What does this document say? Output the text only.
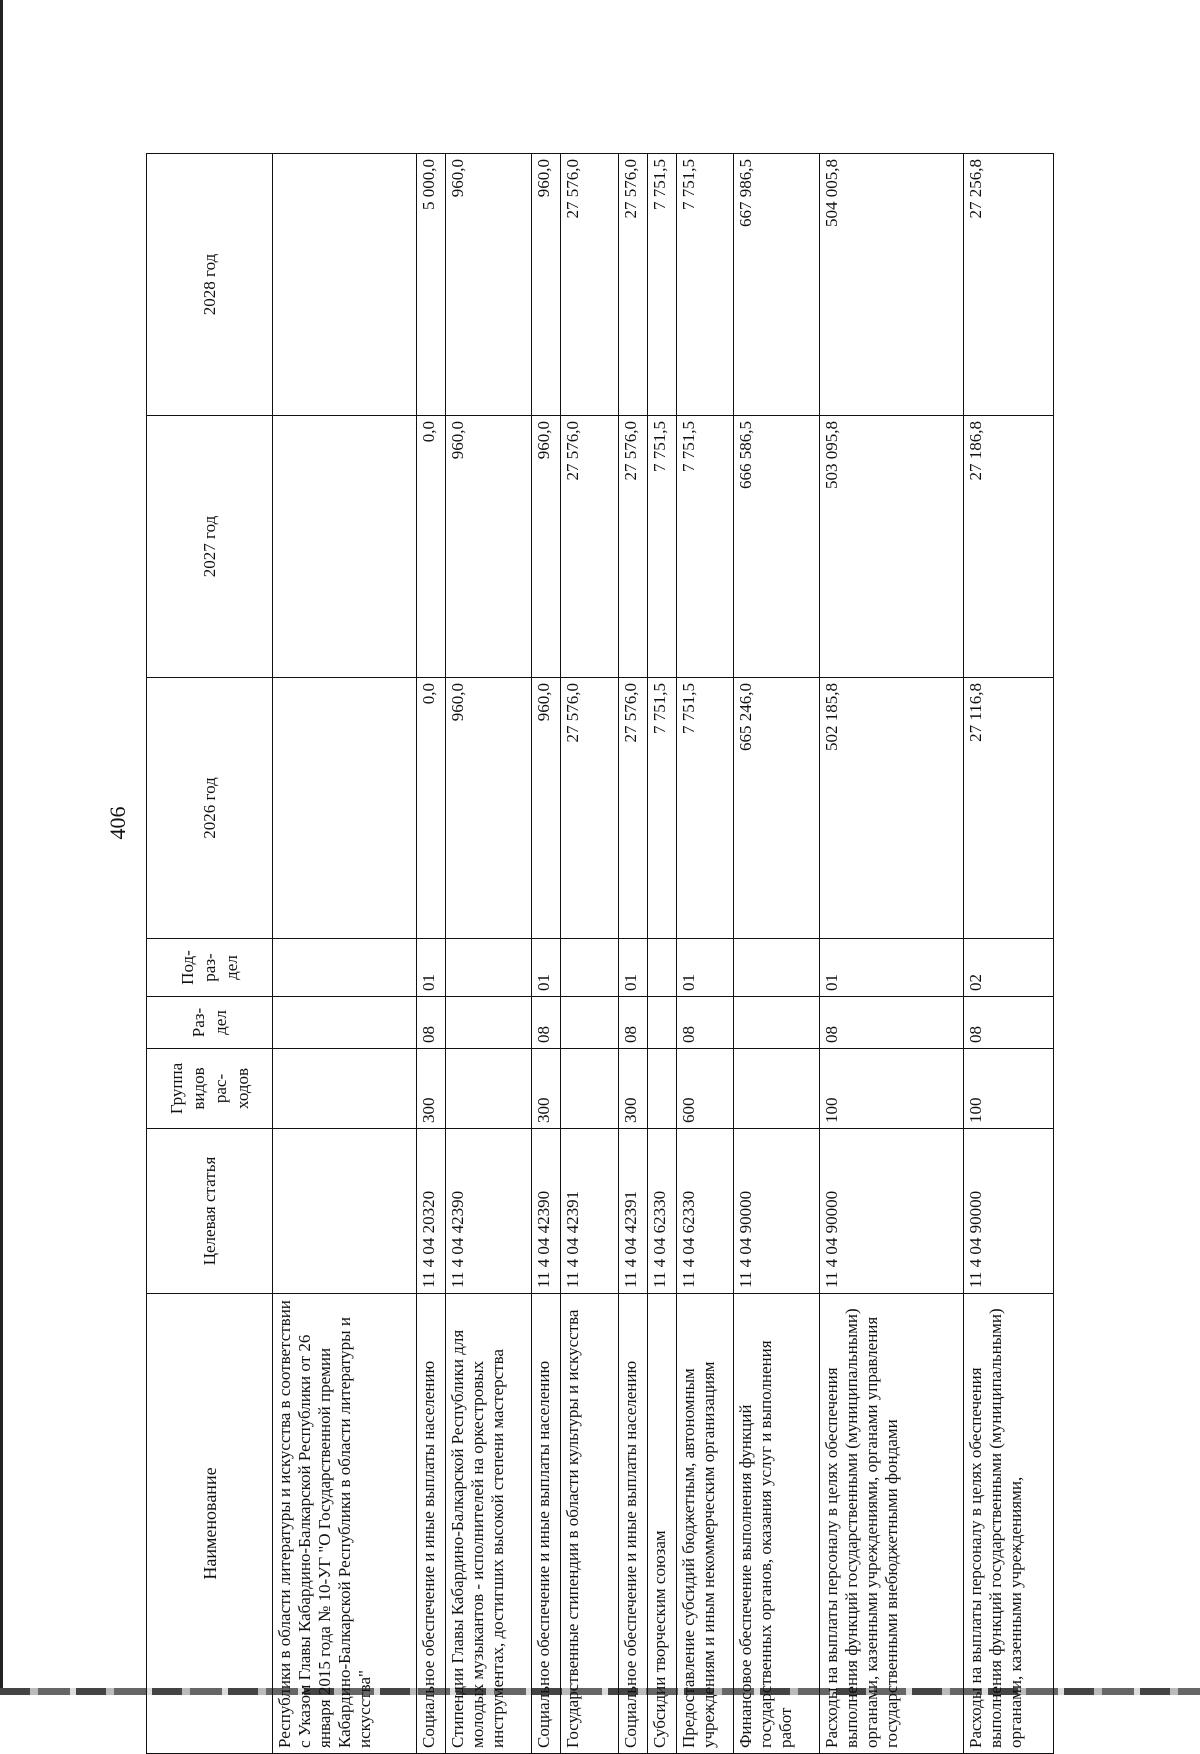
406
Наименование	Целевая статья	Группа видов рас-ходов	Раз-дел	Под-раз-дел	2026 год	2027 год	2028 год
Республики в области литературы и искусства в соответствии с Указом Главы Кабардино-Балкарской Республики от 26 января 2015 года № 10-УГ "О Государственной премии Кабардино-Балкарской Республики в области литературы и искусства"							
Социальное обеспечение и иные выплаты населению	11 4 04 20320	300	08	01	0,0	0,0	5 000,0
Стипендии Главы Кабардино-Балкарской Республики для молодых музыкантов - исполнителей на оркестровых инструментах, достигших высокой степени мастерства	11 4 04 42390				960,0	960,0	960,0
Социальное обеспечение и иные выплаты населению	11 4 04 42390	300	08	01	960,0	960,0	960,0
Государственные стипендии в области культуры и искусства	11 4 04 42391				27 576,0	27 576,0	27 576,0
Социальное обеспечение и иные выплаты населению	11 4 04 42391	300	08	01	27 576,0	27 576,0	27 576,0
Субсидии творческим союзам	11 4 04 62330				7 751,5	7 751,5	7 751,5
Предоставление субсидий бюджетным, автономным учреждениям и иным некоммерческим организациям	11 4 04 62330	600	08	01	7 751,5	7 751,5	7 751,5
Финансовое обеспечение выполнения функций государственных органов, оказания услуг и выполнения работ	11 4 04 90000				665 246,0	666 586,5	667 986,5
Расходы на выплаты персоналу в целях обеспечения выполнения функций государственными (муниципальными) органами, казенными учреждениями, органами управления государственными внебюджетными фондами	11 4 04 90000	100	08	01	502 185,8	503 095,8	504 005,8
Расходы на выплаты персоналу в целях обеспечения выполнения функций государственными (муниципальными) органами, казенными учреждениями,	11 4 04 90000	100	08	02	27 116,8	27 186,8	27 256,8
